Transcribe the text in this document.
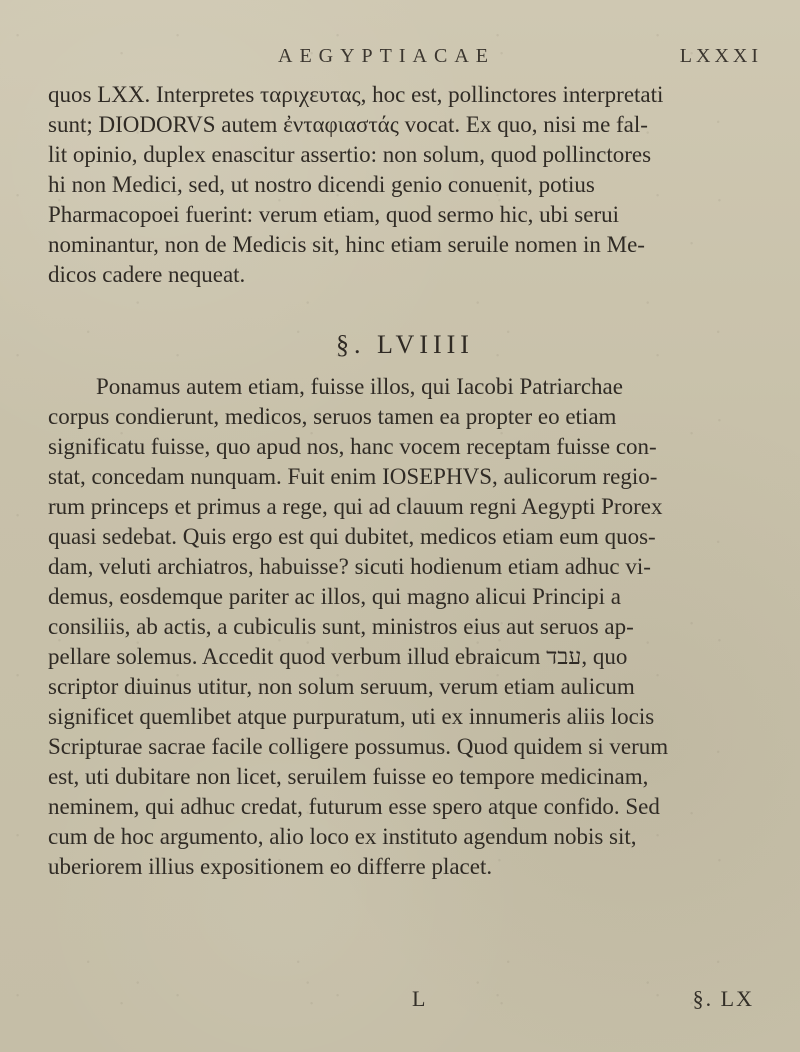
AEGYPTIACAE	LXXXI
quos LXX. Interpretes ταριχευτας, hoc est, pollinctores interpretati
sunt; DIODORVS autem ἐνταφιαστάς vocat. Ex quo, nisi me fal-
lit opinio, duplex enascitur assertio: non solum, quod pollinctores
hi non Medici, sed, ut nostro dicendi genio conuenit, potius
Pharmacopoei fuerint: verum etiam, quod sermo hic, ubi serui
nominantur, non de Medicis sit, hinc etiam seruile nomen in Me-
dicos cadere nequeat.
§. LVIIII
Ponamus autem etiam, fuisse illos, qui Iacobi Patriarchae
corpus condierunt, medicos, seruos tamen ea propter eo etiam
significatu fuisse, quo apud nos, hanc vocem receptam fuisse con-
stat, concedam nunquam. Fuit enim IOSEPHVS, aulicorum regio-
rum princeps et primus a rege, qui ad clauum regni Aegypti Prorex
quasi sedebat. Quis ergo est qui dubitet, medicos etiam eum quos-
dam, veluti archiatros, habuisse? sicuti hodienum etiam adhuc vi-
demus, eosdemque pariter ac illos, qui magno alicui Principi a
consiliis, ab actis, a cubiculis sunt, ministros eius aut seruos ap-
pellare solemus. Accedit quod verbum illud ebraicum עבד, quo
scriptor diuinus utitur, non solum seruum, verum etiam aulicum
significet quemlibet atque purpuratum, uti ex innumeris aliis locis
Scripturae sacrae facile colligere possumus. Quod quidem si verum
est, uti dubitare non licet, seruilem fuisse eo tempore medicinam,
neminem, qui adhuc credat, futurum esse spero atque confido. Sed
cum de hoc argumento, alio loco ex instituto agendum nobis sit,
uberiorem illius expositionem eo differre placet.
L	§. LX
